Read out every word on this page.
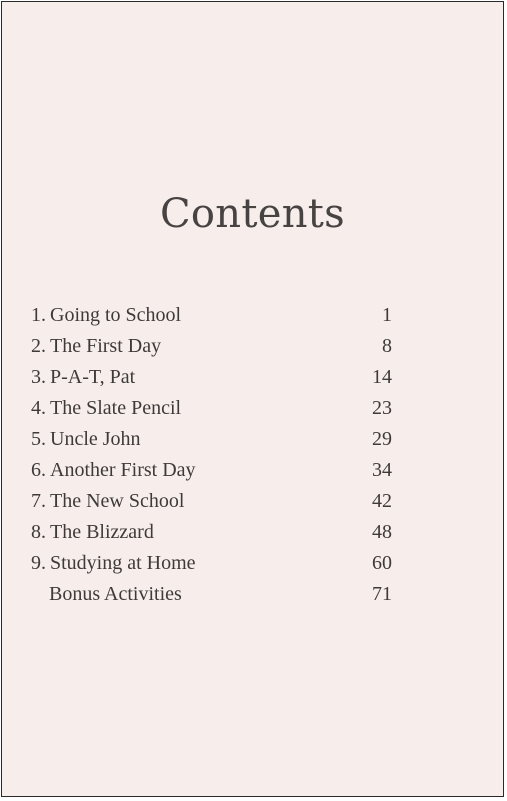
Contents
1. Going to School	1
2. The First Day	8
3. P-A-T, Pat	14
4. The Slate Pencil	23
5. Uncle John	29
6. Another First Day	34
7. The New School	42
8. The Blizzard	48
9. Studying at Home	60
Bonus Activities	71
